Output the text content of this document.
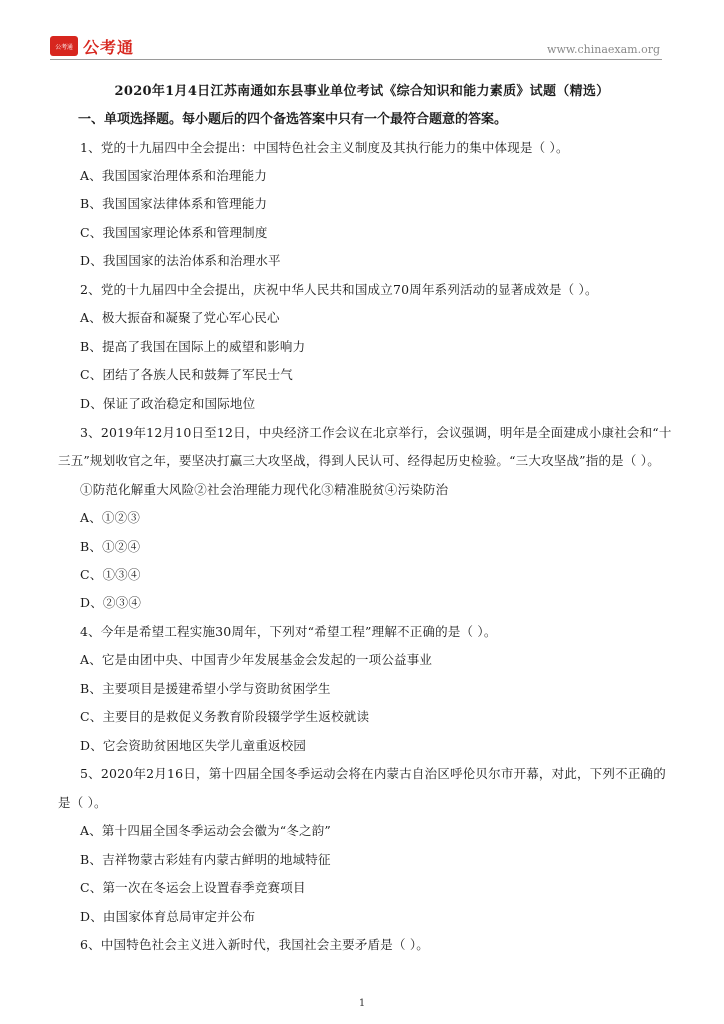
公考通 公考通	www.chinaexam.org
2020年1月4日江苏南通如东县事业单位考试《综合知识和能力素质》试题（精选）
一、单项选择题。每小题后的四个备选答案中只有一个最符合题意的答案。
1、党的十九届四中全会提出：中国特色社会主义制度及其执行能力的集中体现是（ ）。
A、我国国家治理体系和治理能力
B、我国国家法律体系和管理能力
C、我国国家理论体系和管理制度
D、我国国家的法治体系和治理水平
2、党的十九届四中全会提出，庆祝中华人民共和国成立70周年系列活动的显著成效是（ ）。
A、极大振奋和凝聚了党心军心民心
B、提高了我国在国际上的威望和影响力
C、团结了各族人民和鼓舞了军民士气
D、保证了政治稳定和国际地位
3、2019年12月10日至12日，中央经济工作会议在北京举行，会议强调，明年是全面建成小康社会和“十
三五”规划收官之年，要坚决打赢三大攻坚战，得到人民认可、经得起历史检验。“三大攻坚战”指的是（ ）。
①防范化解重大风险②社会治理能力现代化③精准脱贫④污染防治
A、①②③
B、①②④
C、①③④
D、②③④
4、今年是希望工程实施30周年，下列对“希望工程”理解不正确的是（ ）。
A、它是由团中央、中国青少年发展基金会发起的一项公益事业
B、主要项目是援建希望小学与资助贫困学生
C、主要目的是救促义务教育阶段辍学学生返校就读
D、它会资助贫困地区失学儿童重返校园
5、2020年2月16日，第十四届全国冬季运动会将在内蒙古自治区呼伦贝尔市开幕，对此，下列不正确的
是（ ）。
A、第十四届全国冬季运动会会徽为“冬之韵”
B、吉祥物蒙古彩娃有内蒙古鲜明的地域特征
C、第一次在冬运会上设置春季竞赛项目
D、由国家体育总局审定并公布
6、中国特色社会主义进入新时代，我国社会主要矛盾是（ ）。
1
